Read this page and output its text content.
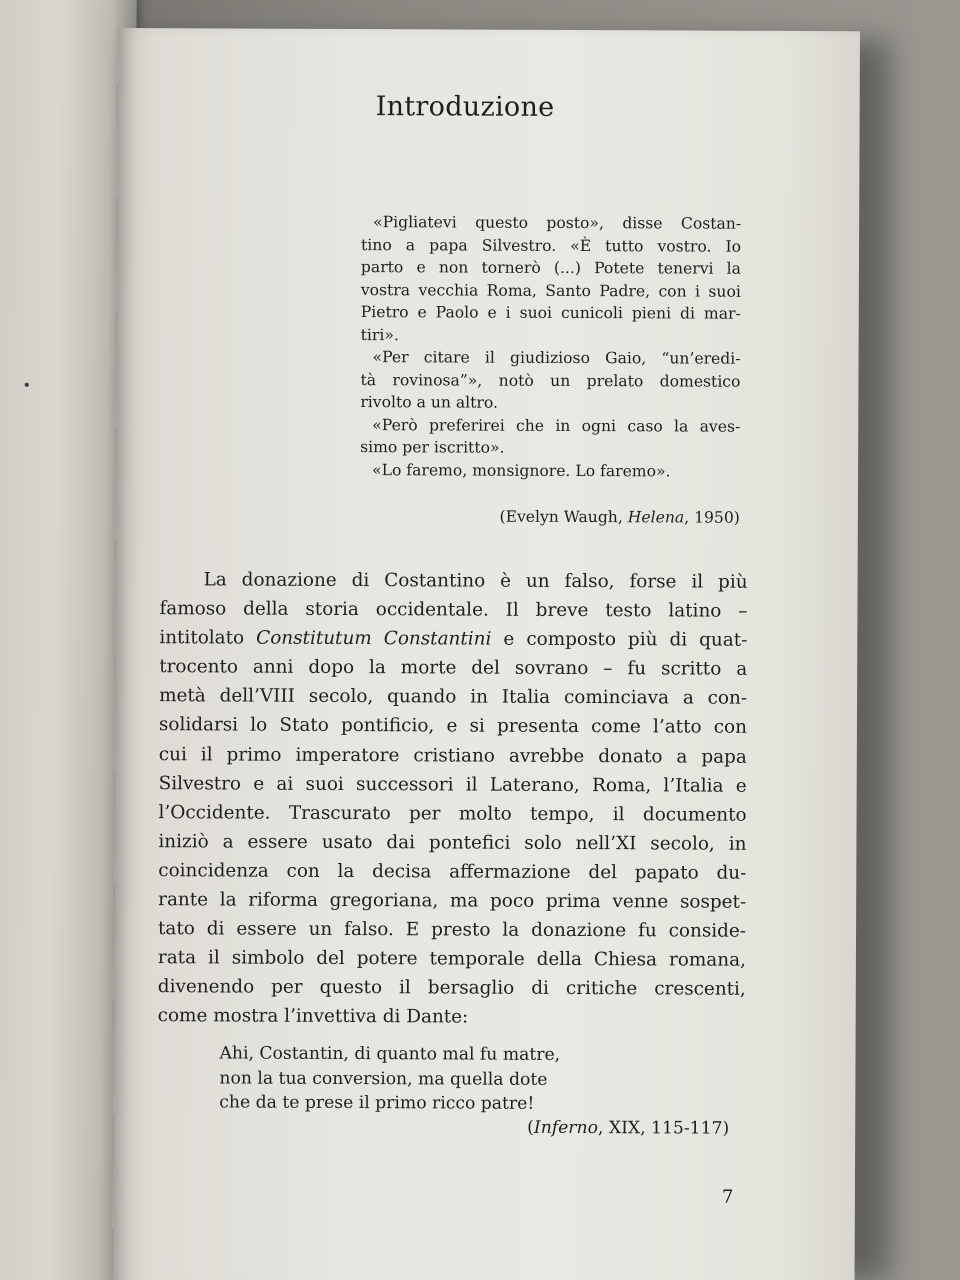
Introduzione
«Pigliatevi questo posto», disse Costan-
tino a papa Silvestro. «È tutto vostro. Io
parto e non tornerò (...) Potete tenervi la
vostra vecchia Roma, Santo Padre, con i suoi
Pietro e Paolo e i suoi cunicoli pieni di mar-
tiri».
«Per citare il giudizioso Gaio, “un’eredi-
tà rovinosa”», notò un prelato domestico
rivolto a un altro.
«Però preferirei che in ogni caso la aves-
simo per iscritto».
«Lo faremo, monsignore. Lo faremo».
(Evelyn Waugh, Helena, 1950)
La donazione di Costantino è un falso, forse il più
famoso della storia occidentale. Il breve testo latino –
intitolato Constitutum Constantini e composto più di quat-
trocento anni dopo la morte del sovrano – fu scritto a
metà dell’VIII secolo, quando in Italia cominciava a con-
solidarsi lo Stato pontificio, e si presenta come l’atto con
cui il primo imperatore cristiano avrebbe donato a papa
Silvestro e ai suoi successori il Laterano, Roma, l’Italia e
l’Occidente. Trascurato per molto tempo, il documento
iniziò a essere usato dai pontefici solo nell’XI secolo, in
coincidenza con la decisa affermazione del papato du-
rante la riforma gregoriana, ma poco prima venne sospet-
tato di essere un falso. E presto la donazione fu conside-
rata il simbolo del potere temporale della Chiesa romana,
divenendo per questo il bersaglio di critiche crescenti,
come mostra l’invettiva di Dante:
Ahi, Costantin, di quanto mal fu matre,
non la tua conversion, ma quella dote
che da te prese il primo ricco patre!
(Inferno, XIX, 115-117)
7
